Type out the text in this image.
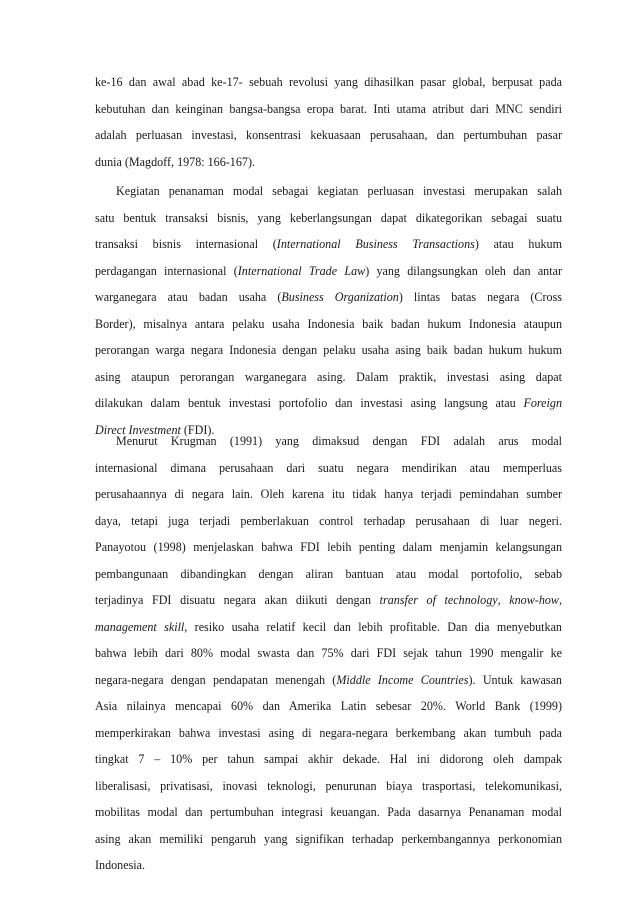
ke-16 dan awal abad ke-17- sebuah revolusi yang dihasilkan pasar global, berpusat pada
kebutuhan dan keinginan bangsa-bangsa eropa barat. Inti utama atribut dari MNC sendiri
adalah perluasan investasi, konsentrasi kekuasaan perusahaan, dan pertumbuhan pasar
dunia (Magdoff, 1978: 166-167).
Kegiatan penanaman modal sebagai kegiatan perluasan investasi merupakan salah
satu bentuk transaksi bisnis, yang keberlangsungan dapat dikategorikan sebagai suatu
transaksi bisnis internasional (International Business Transactions) atau hukum
perdagangan internasional (International Trade Law) yang dilangsungkan oleh dan antar
warganegara atau badan usaha (Business Organization) lintas batas negara (Cross
Border), misalnya antara pelaku usaha Indonesia baik badan hukum Indonesia ataupun
perorangan warga negara Indonesia dengan pelaku usaha asing baik badan hukum hukum
asing ataupun perorangan warganegara asing. Dalam praktik, investasi asing dapat
dilakukan dalam bentuk investasi portofolio dan investasi asing langsung atau Foreign
Direct Investment (FDI).
Menurut Krugman (1991) yang dimaksud dengan FDI adalah arus modal
internasional dimana perusahaan dari suatu negara mendirikan atau memperluas
perusahaannya di negara lain. Oleh karena itu tidak hanya terjadi pemindahan sumber
daya, tetapi juga terjadi pemberlakuan control terhadap perusahaan di luar negeri.
Panayotou (1998) menjelaskan bahwa FDI lebih penting dalam menjamin kelangsungan
pembangunaan dibandingkan dengan aliran bantuan atau modal portofolio, sebab
terjadinya FDI disuatu negara akan diikuti dengan transfer of technology, know-how,
management skill, resiko usaha relatif kecil dan lebih profitable. Dan dia menyebutkan
bahwa lebih dari 80% modal swasta dan 75% dari FDI sejak tahun 1990 mengalir ke
negara-negara dengan pendapatan menengah (Middle Income Countries). Untuk kawasan
Asia nilainya mencapai 60% dan Amerika Latin sebesar 20%. World Bank (1999)
memperkirakan bahwa investasi asing di negara-negara berkembang akan tumbuh pada
tingkat 7 – 10% per tahun sampai akhir dekade. Hal ini didorong oleh dampak
liberalisasi, privatisasi, inovasi teknologi, penurunan biaya trasportasi, telekomunikasi,
mobilitas modal dan pertumbuhan integrasi keuangan. Pada dasarnya Penanaman modal
asing akan memiliki pengaruh yang signifikan terhadap perkembangannya perkonomian
Indonesia.
